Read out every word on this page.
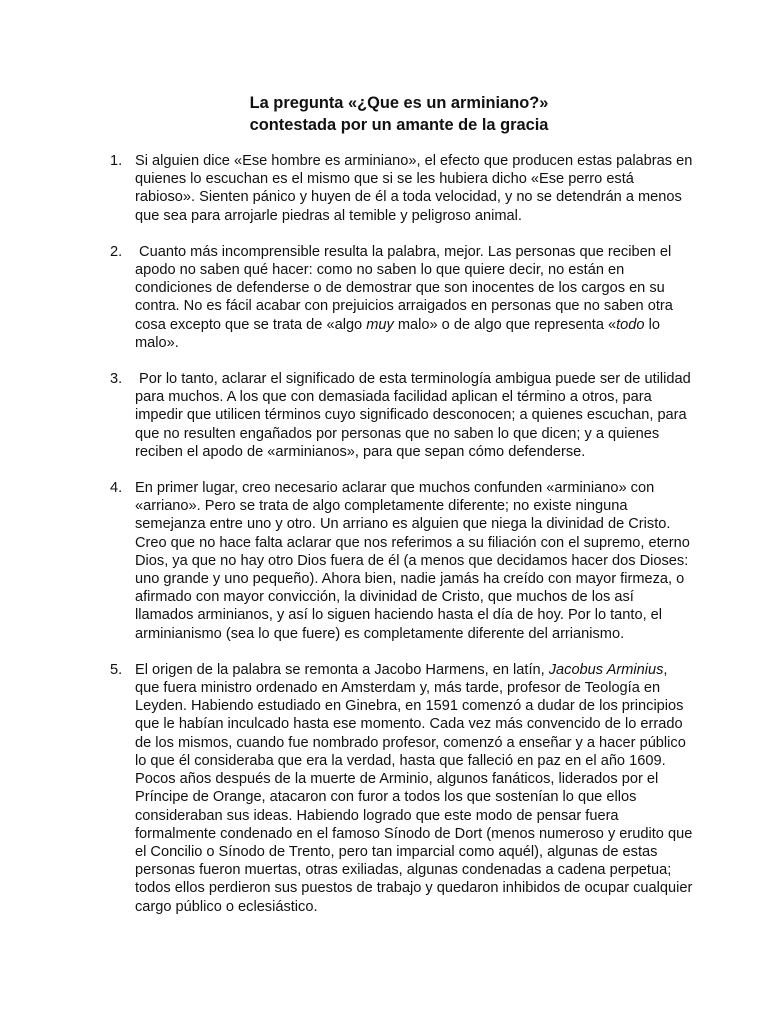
La pregunta «¿Que es un arminiano?»
contestada por un amante de la gracia
1. Si alguien dice «Ese hombre es arminiano», el efecto que producen estas palabras en
quienes lo escuchan es el mismo que si se les hubiera dicho «Ese perro está
rabioso». Sienten pánico y huyen de él a toda velocidad, y no se detendrán a menos
que sea para arrojarle piedras al temible y peligroso animal.
2. Cuanto más incomprensible resulta la palabra, mejor. Las personas que reciben el
apodo no saben qué hacer: como no saben lo que quiere decir, no están en
condiciones de defenderse o de demostrar que son inocentes de los cargos en su
contra. No es fácil acabar con prejuicios arraigados en personas que no saben otra
cosa excepto que se trata de «algo muy malo» o de algo que representa «todo lo
malo».
3. Por lo tanto, aclarar el significado de esta terminología ambigua puede ser de utilidad
para muchos. A los que con demasiada facilidad aplican el término a otros, para
impedir que utilicen términos cuyo significado desconocen; a quienes escuchan, para
que no resulten engañados por personas que no saben lo que dicen; y a quienes
reciben el apodo de «arminianos», para que sepan cómo defenderse.
4. En primer lugar, creo necesario aclarar que muchos confunden «arminiano» con
«arriano». Pero se trata de algo completamente diferente; no existe ninguna
semejanza entre uno y otro. Un arriano es alguien que niega la divinidad de Cristo.
Creo que no hace falta aclarar que nos referimos a su filiación con el supremo, eterno
Dios, ya que no hay otro Dios fuera de él (a menos que decidamos hacer dos Dioses:
uno grande y uno pequeño). Ahora bien, nadie jamás ha creído con mayor firmeza, o
afirmado con mayor convicción, la divinidad de Cristo, que muchos de los así
llamados arminianos, y así lo siguen haciendo hasta el día de hoy. Por lo tanto, el
arminianismo (sea lo que fuere) es completamente diferente del arrianismo.
5. El origen de la palabra se remonta a Jacobo Harmens, en latín, Jacobus Arminius,
que fuera ministro ordenado en Amsterdam y, más tarde, profesor de Teología en
Leyden. Habiendo estudiado en Ginebra, en 1591 comenzó a dudar de los principios
que le habían inculcado hasta ese momento. Cada vez más convencido de lo errado
de los mismos, cuando fue nombrado profesor, comenzó a enseñar y a hacer público
lo que él consideraba que era la verdad, hasta que falleció en paz en el año 1609.
Pocos años después de la muerte de Arminio, algunos fanáticos, liderados por el
Príncipe de Orange, atacaron con furor a todos los que sostenían lo que ellos
consideraban sus ideas. Habiendo logrado que este modo de pensar fuera
formalmente condenado en el famoso Sínodo de Dort (menos numeroso y erudito que
el Concilio o Sínodo de Trento, pero tan imparcial como aquél), algunas de estas
personas fueron muertas, otras exiliadas, algunas condenadas a cadena perpetua;
todos ellos perdieron sus puestos de trabajo y quedaron inhibidos de ocupar cualquier
cargo público o eclesiástico.
